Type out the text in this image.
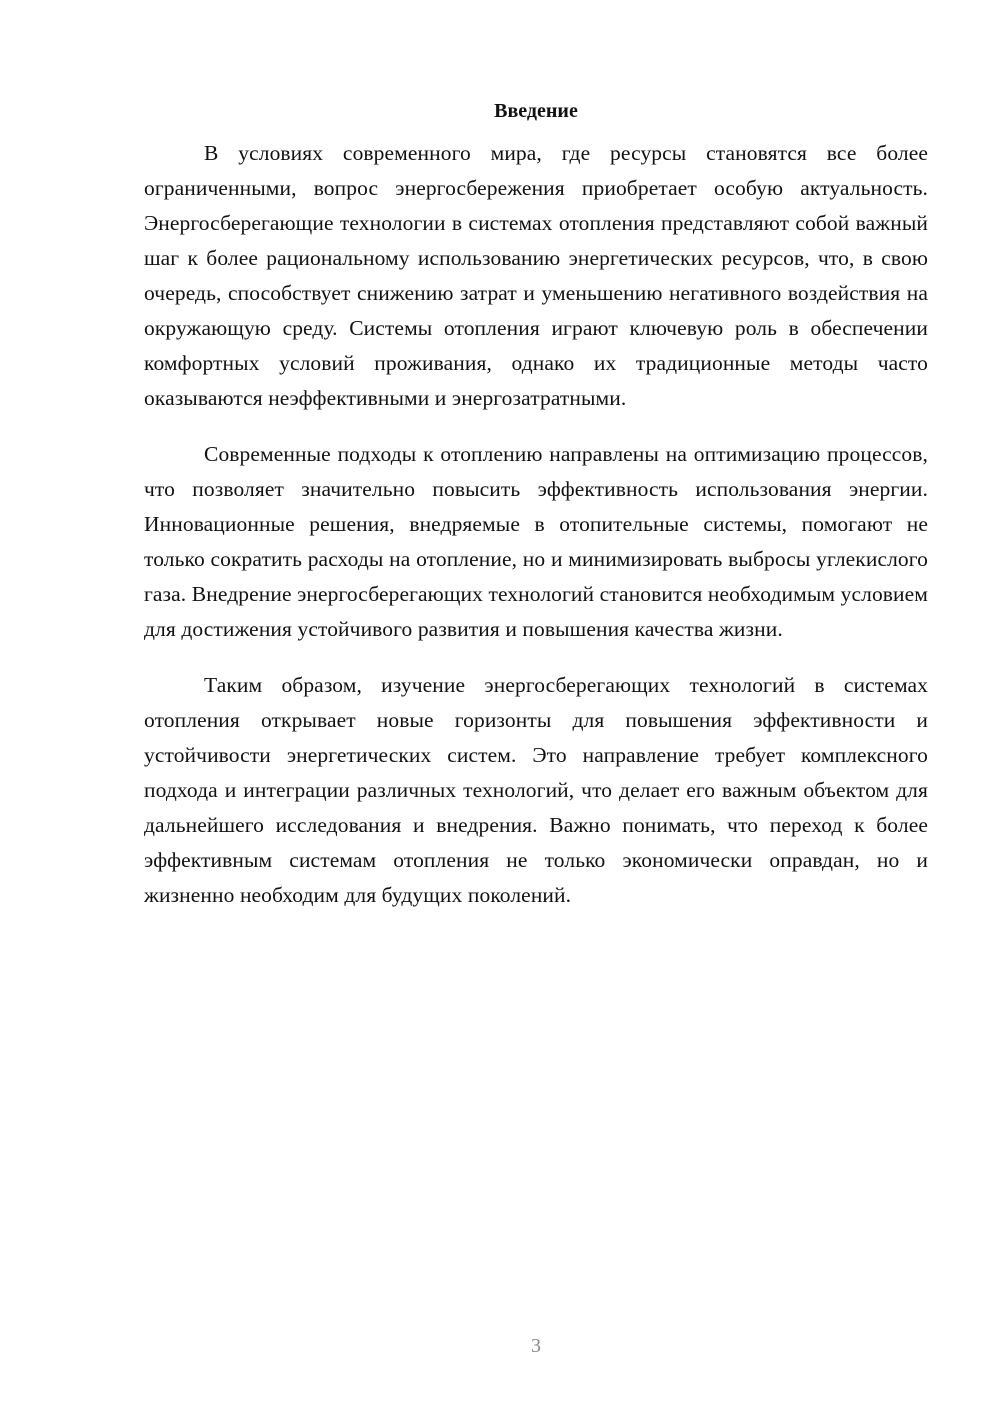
Введение

В условиях современного мира, где ресурсы становятся все более ограниченными, вопрос энергосбережения приобретает особую актуальность. Энергосберегающие технологии в системах отопления представляют собой важный шаг к более рациональному использованию энергетических ресурсов, что, в свою очередь, способствует снижению затрат и уменьшению негативного воздействия на окружающую среду. Системы отопления играют ключевую роль в обеспечении комфортных условий проживания, однако их традиционные методы часто оказываются неэффективными и энергозатратными.

Современные подходы к отоплению направлены на оптимизацию процессов, что позволяет значительно повысить эффективность использования энергии. Инновационные решения, внедряемые в отопительные системы, помогают не только сократить расходы на отопление, но и минимизировать выбросы углекислого газа. Внедрение энергосберегающих технологий становится необходимым условием для достижения устойчивого развития и повышения качества жизни.

Таким образом, изучение энергосберегающих технологий в системах отопления открывает новые горизонты для повышения эффективности и устойчивости энергетических систем. Это направление требует комплексного подхода и интеграции различных технологий, что делает его важным объектом для дальнейшего исследования и внедрения. Важно понимать, что переход к более эффективным системам отопления не только экономически оправдан, но и жизненно необходим для будущих поколений.

3
